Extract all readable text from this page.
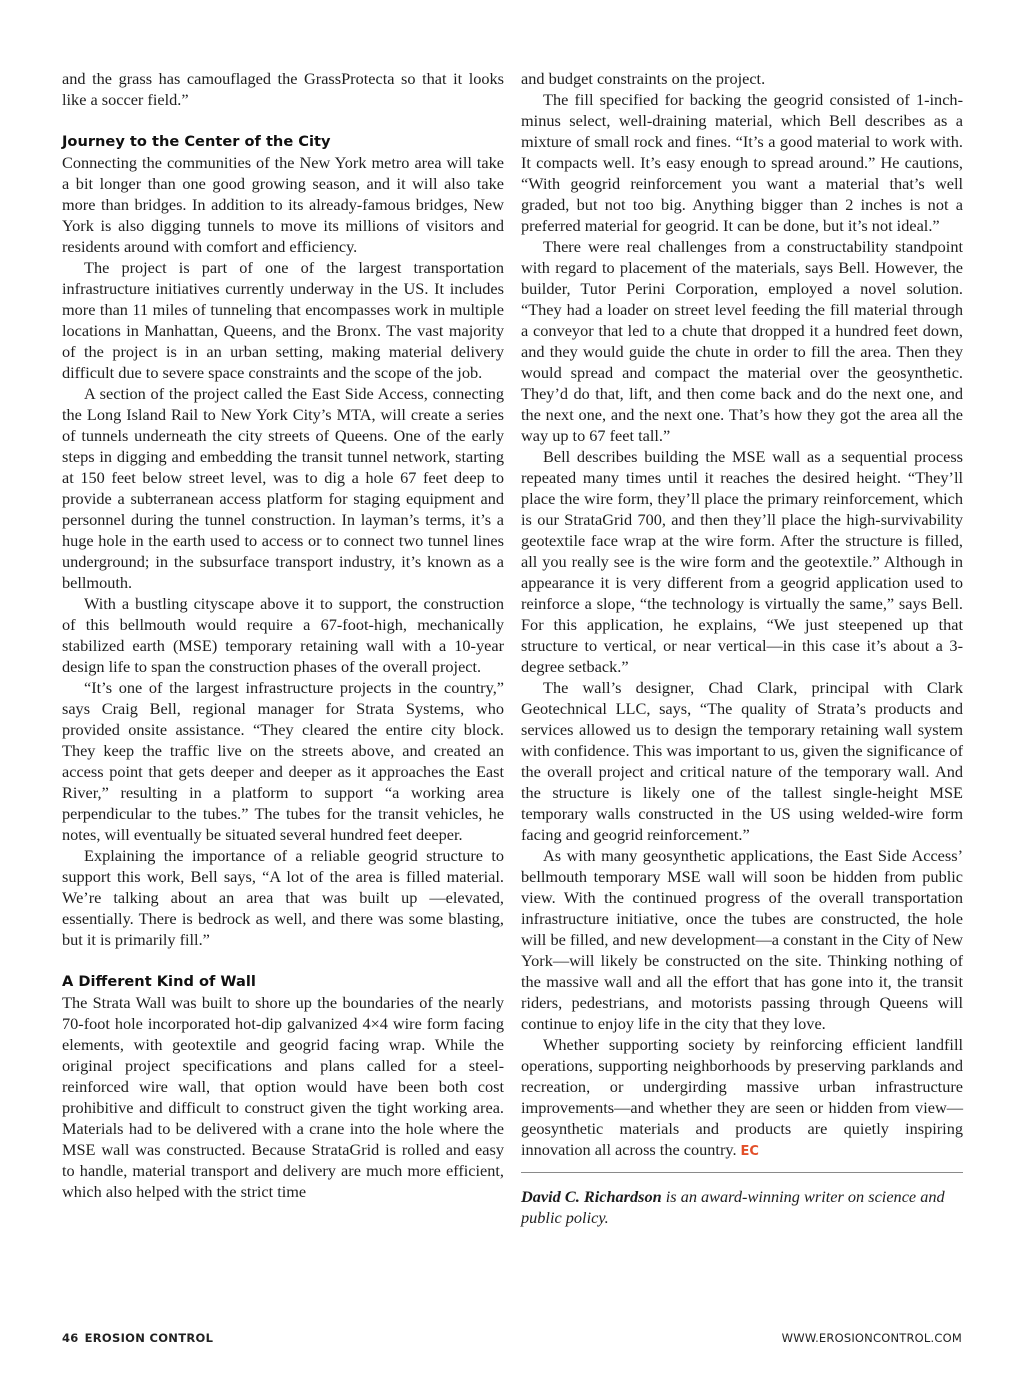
and the grass has camouflaged the GrassProtecta so that it looks like a soccer field.”

Journey to the Center of the City

Connecting the communities of the New York metro area will take a bit longer than one good growing season, and it will also take more than bridges. In addition to its already-famous bridges, New York is also digging tunnels to move its millions of visitors and residents around with comfort and efficiency.

The project is part of one of the largest transportation infrastructure initiatives currently underway in the US. It includes more than 11 miles of tunneling that encompasses work in multiple locations in Manhattan, Queens, and the Bronx. The vast majority of the project is in an urban setting, making material delivery difficult due to severe space constraints and the scope of the job.

A section of the project called the East Side Access, connecting the Long Island Rail to New York City’s MTA, will create a series of tunnels underneath the city streets of Queens. One of the early steps in digging and embedding the transit tunnel network, starting at 150 feet below street level, was to dig a hole 67 feet deep to provide a subterranean access platform for staging equipment and personnel during the tunnel construction. In layman’s terms, it’s a huge hole in the earth used to access or to connect two tunnel lines underground; in the subsurface transport industry, it’s known as a bellmouth.

With a bustling cityscape above it to support, the construction of this bellmouth would require a 67-foot-high, mechanically stabilized earth (MSE) temporary retaining wall with a 10-year design life to span the construction phases of the overall project.

“It’s one of the largest infrastructure projects in the country,” says Craig Bell, regional manager for Strata Systems, who provided onsite assistance. “They cleared the entire city block. They keep the traffic live on the streets above, and created an access point that gets deeper and deeper as it approaches the East River,” resulting in a platform to support “a working area perpendicular to the tubes.” The tubes for the transit vehicles, he notes, will eventually be situated several hundred feet deeper.

Explaining the importance of a reliable geogrid structure to support this work, Bell says, “A lot of the area is filled material. We’re talking about an area that was built up —elevated, essentially. There is bedrock as well, and there was some blasting, but it is primarily fill.”

A Different Kind of Wall

The Strata Wall was built to shore up the boundaries of the nearly 70-foot hole incorporated hot-dip galvanized 4×4 wire form facing elements, with geotextile and geogrid facing wrap. While the original project specifications and plans called for a steel-reinforced wire wall, that option would have been both cost prohibitive and difficult to construct given the tight working area. Materials had to be delivered with a crane into the hole where the MSE wall was constructed. Because StrataGrid is rolled and easy to handle, material transport and delivery are much more efficient, which also helped with the strict time

and budget constraints on the project.

The fill specified for backing the geogrid consisted of 1-inch-minus select, well-draining material, which Bell describes as a mixture of small rock and fines. “It’s a good material to work with. It compacts well. It’s easy enough to spread around.” He cautions, “With geogrid reinforcement you want a material that’s well graded, but not too big. Anything bigger than 2 inches is not a preferred material for geogrid. It can be done, but it’s not ideal.”

There were real challenges from a constructability standpoint with regard to placement of the materials, says Bell. However, the builder, Tutor Perini Corporation, employed a novel solution. “They had a loader on street level feeding the fill material through a conveyor that led to a chute that dropped it a hundred feet down, and they would guide the chute in order to fill the area. Then they would spread and compact the material over the geosynthetic. They’d do that, lift, and then come back and do the next one, and the next one, and the next one. That’s how they got the area all the way up to 67 feet tall.”

Bell describes building the MSE wall as a sequential process repeated many times until it reaches the desired height. “They’ll place the wire form, they’ll place the primary reinforcement, which is our StrataGrid 700, and then they’ll place the high-survivability geotextile face wrap at the wire form. After the structure is filled, all you really see is the wire form and the geotextile.” Although in appearance it is very different from a geogrid application used to reinforce a slope, “the technology is virtually the same,” says Bell. For this application, he explains, “We just steepened up that structure to vertical, or near vertical—in this case it’s about a 3-degree setback.”

The wall’s designer, Chad Clark, principal with Clark Geotechnical LLC, says, “The quality of Strata’s products and services allowed us to design the temporary retaining wall system with confidence. This was important to us, given the significance of the overall project and critical nature of the temporary wall. And the structure is likely one of the tallest single-height MSE temporary walls constructed in the US using welded-wire form facing and geogrid reinforcement.”

As with many geosynthetic applications, the East Side Access’ bellmouth temporary MSE wall will soon be hidden from public view. With the continued progress of the overall transportation infrastructure initiative, once the tubes are constructed, the hole will be filled, and new development—a constant in the City of New York—will likely be constructed on the site. Thinking nothing of the massive wall and all the effort that has gone into it, the transit riders, pedestrians, and motorists passing through Queens will continue to enjoy life in the city that they love.

Whether supporting society by reinforcing efficient landfill operations, supporting neighborhoods by preserving parklands and recreation, or undergirding massive urban infrastructure improvements—and whether they are seen or hidden from view—geosynthetic materials and products are quietly inspiring innovation all across the country. EC

David C. Richardson is an award-winning writer on science and public policy.

46 EROSION CONTROL	WWW.EROSIONCONTROL.COM
